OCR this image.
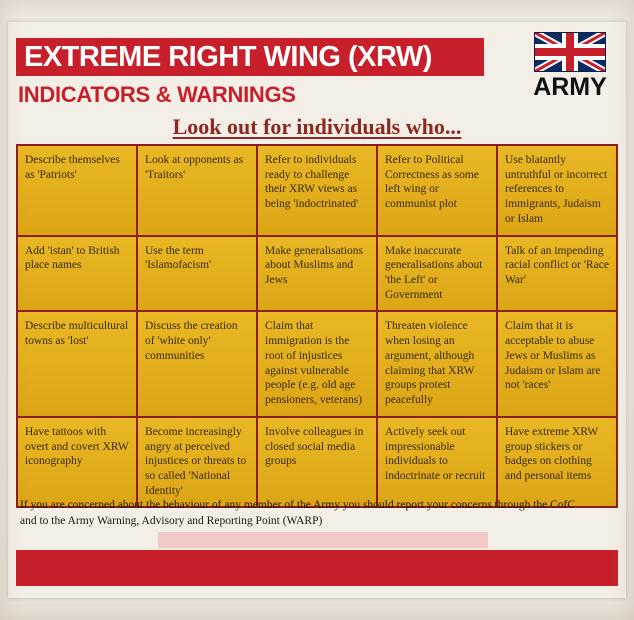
EXTREME RIGHT WING (XRW)
INDICATORS & WARNINGS
Look out for individuals who...
ARMY
Describe themselves as 'Patriots'
Look at opponents as 'Traitors'
Refer to individuals ready to challenge their XRW views as being 'indoctrinated'
Refer to Political Correctness as some left wing or communist plot
Use blatantly untruthful or incorrect references to immigrants, Judaism or Islam
Add 'istan' to British place names
Use the term 'Islamofacism'
Make generalisations about Muslims and Jews
Make inaccurate generalisations about 'the Left' or Government
Talk of an impending racial conflict or 'Race War'
Describe multicultural towns as 'lost'
Discuss the creation of 'white only' communities
Claim that immigration is the root of injustices against vulnerable people (e.g. old age pensioners, veterans)
Threaten violence when losing an argument, although claiming that XRW groups protest peacefully
Claim that it is acceptable to abuse Jews or Muslims as Judaism or Islam are not 'races'
Have tattoos with overt and covert XRW iconography
Become increasingly angry at perceived injustices or threats to so called 'National Identity'
Involve colleagues in closed social media groups
Actively seek out impressionable individuals to indoctrinate or recruit
Have extreme XRW group stickers or badges on clothing and personal items
If you are concerned about the behaviour of any member of the Army you should report your concerns through the CofC
and to the Army Warning, Advisory and Reporting Point (WARP)
